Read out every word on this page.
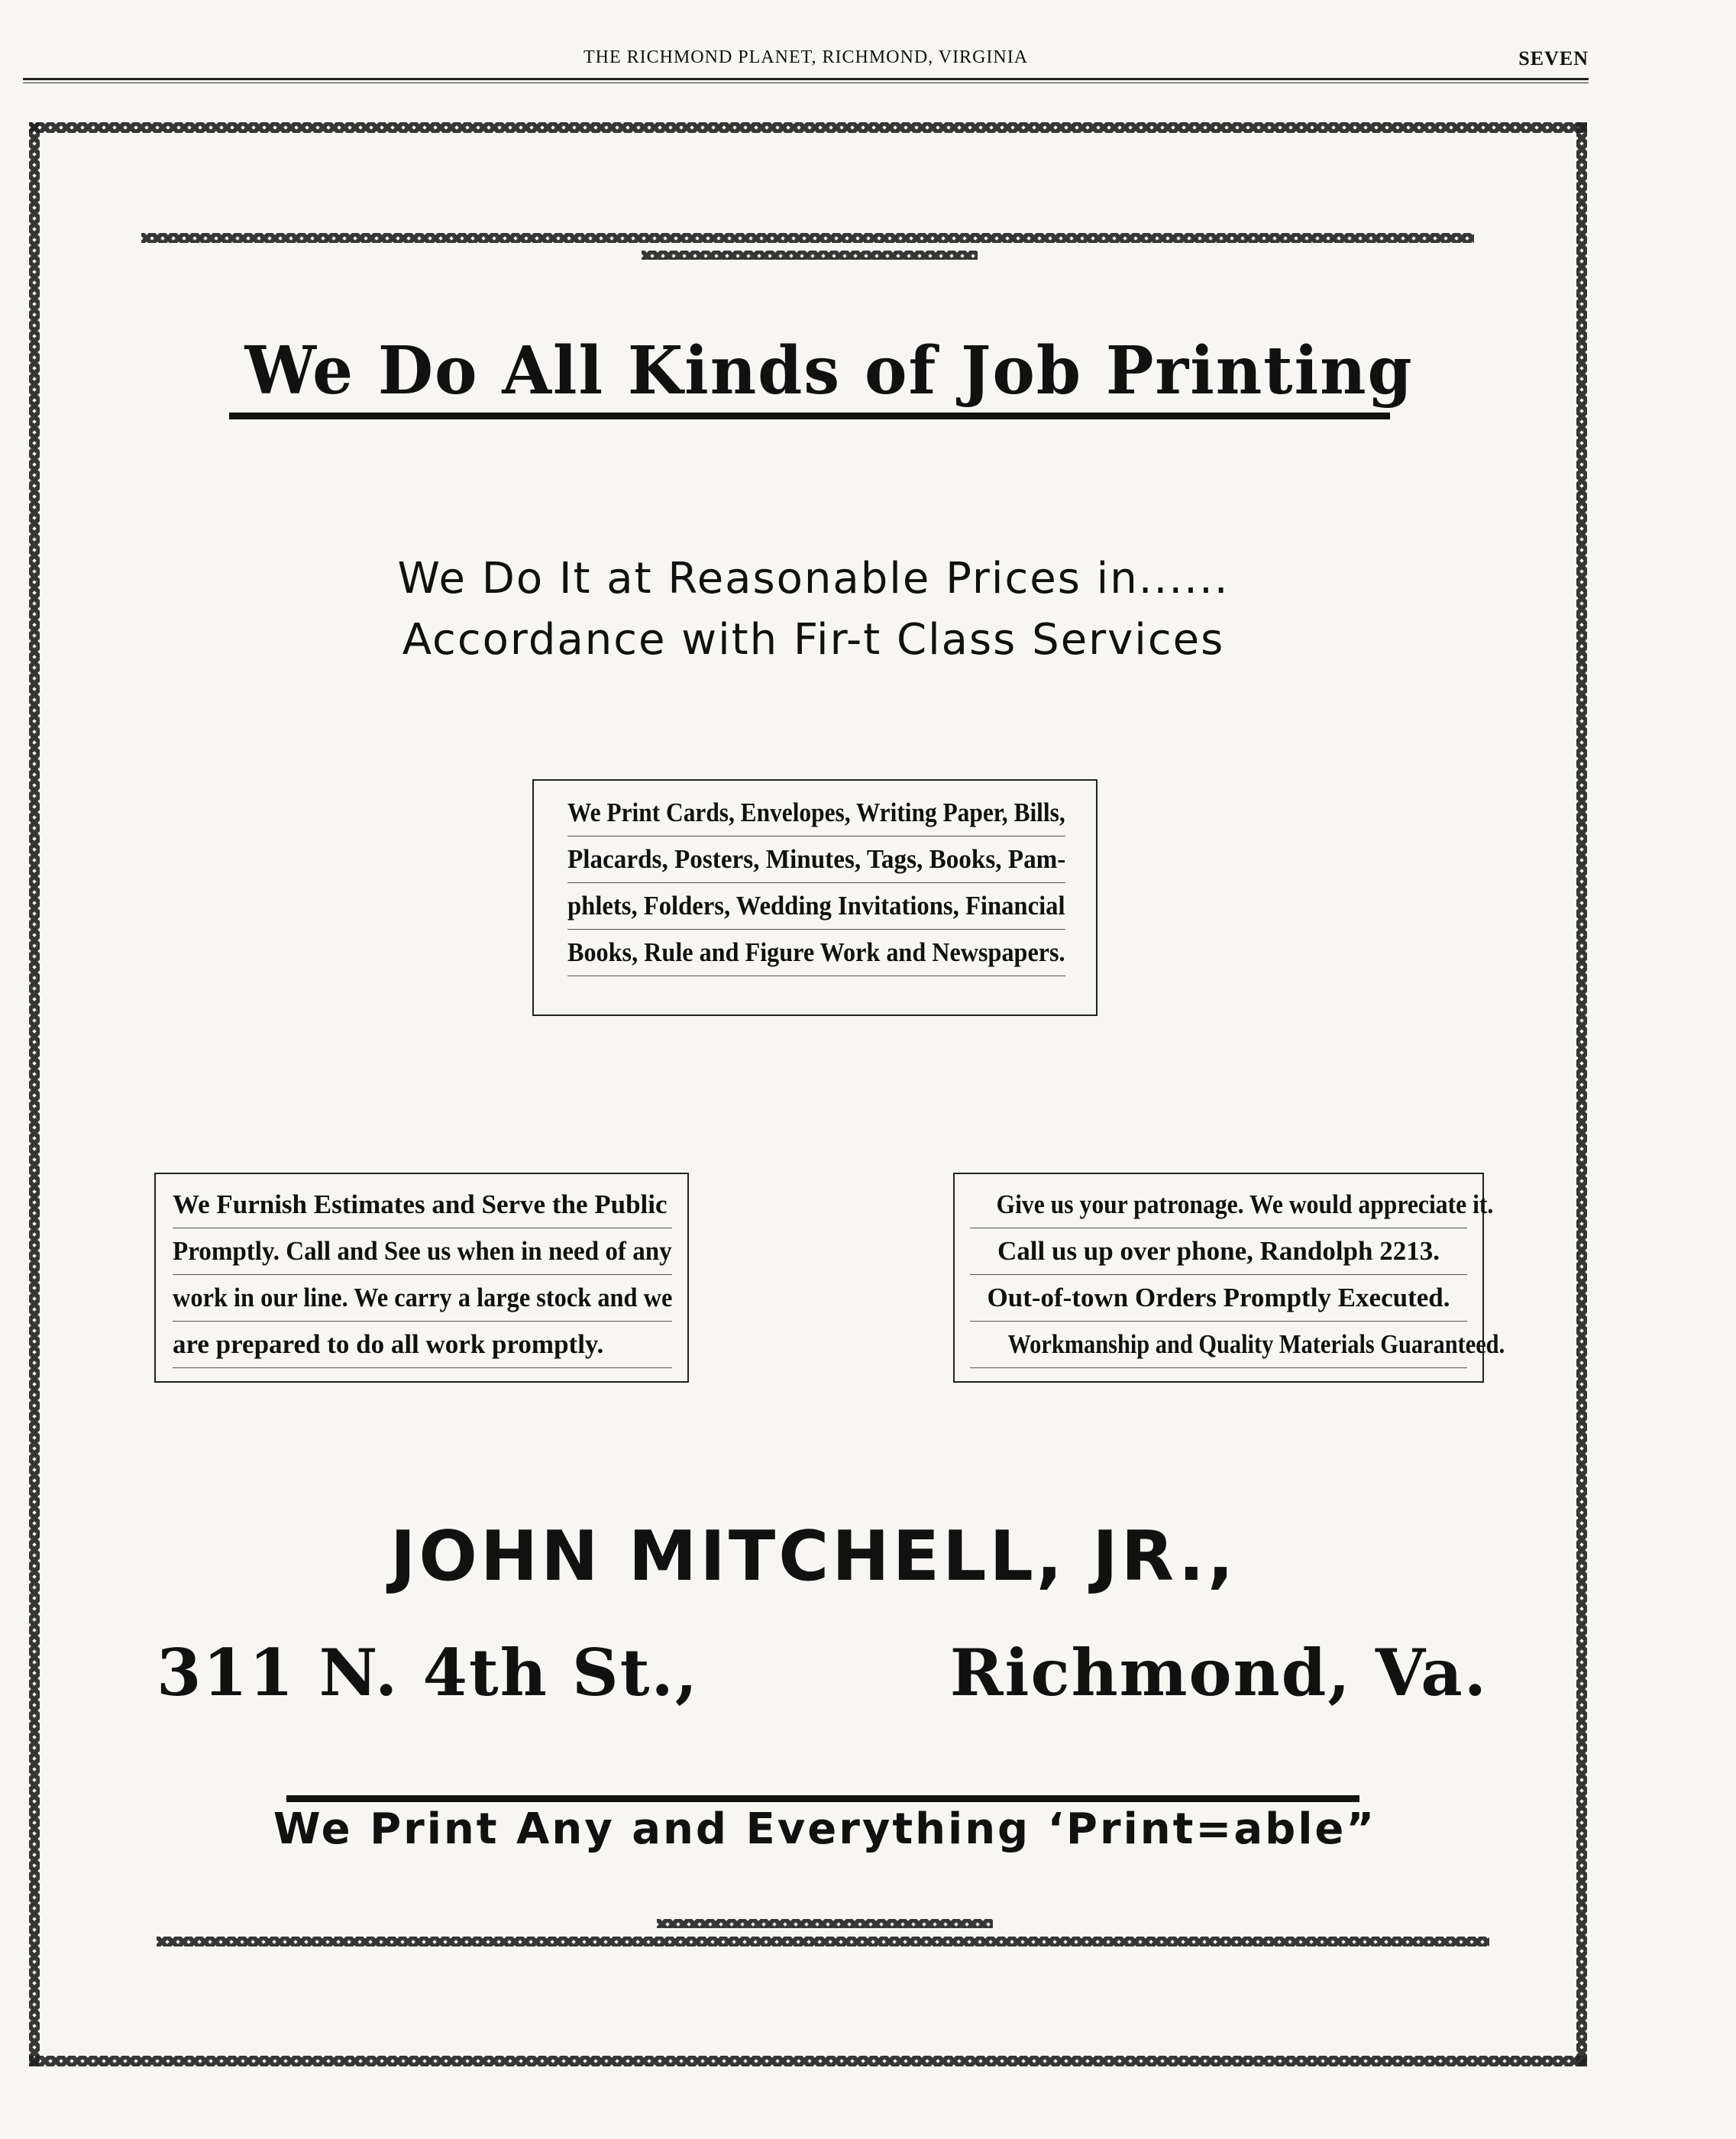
THE RICHMOND PLANET, RICHMOND, VIRGINIA	SEVEN
We Do All Kinds of Job Printing
We Do It at Reasonable Prices in......
Accordance with Fir-t Class Services
We Print Cards, Envelopes, Writing Paper, Bills,
Placards, Posters, Minutes, Tags, Books, Pam-
phlets, Folders, Wedding Invitations, Financial
Books, Rule and Figure Work and Newspapers.
We Furnish Estimates and Serve the Public
Promptly. Call and See us when in need of any
work in our line. We carry a large stock and we
are prepared to do all work promptly.
Give us your patronage. We would appreciate it.
Call us up over phone, Randolph 2213.
Out-of-town Orders Promptly Executed.
Workmanship and Quality Materials Guaranteed.
JOHN MITCHELL, JR.,
311 N. 4th St.,	Richmond, Va.
We Print Any and Everything ‘Print=able”
